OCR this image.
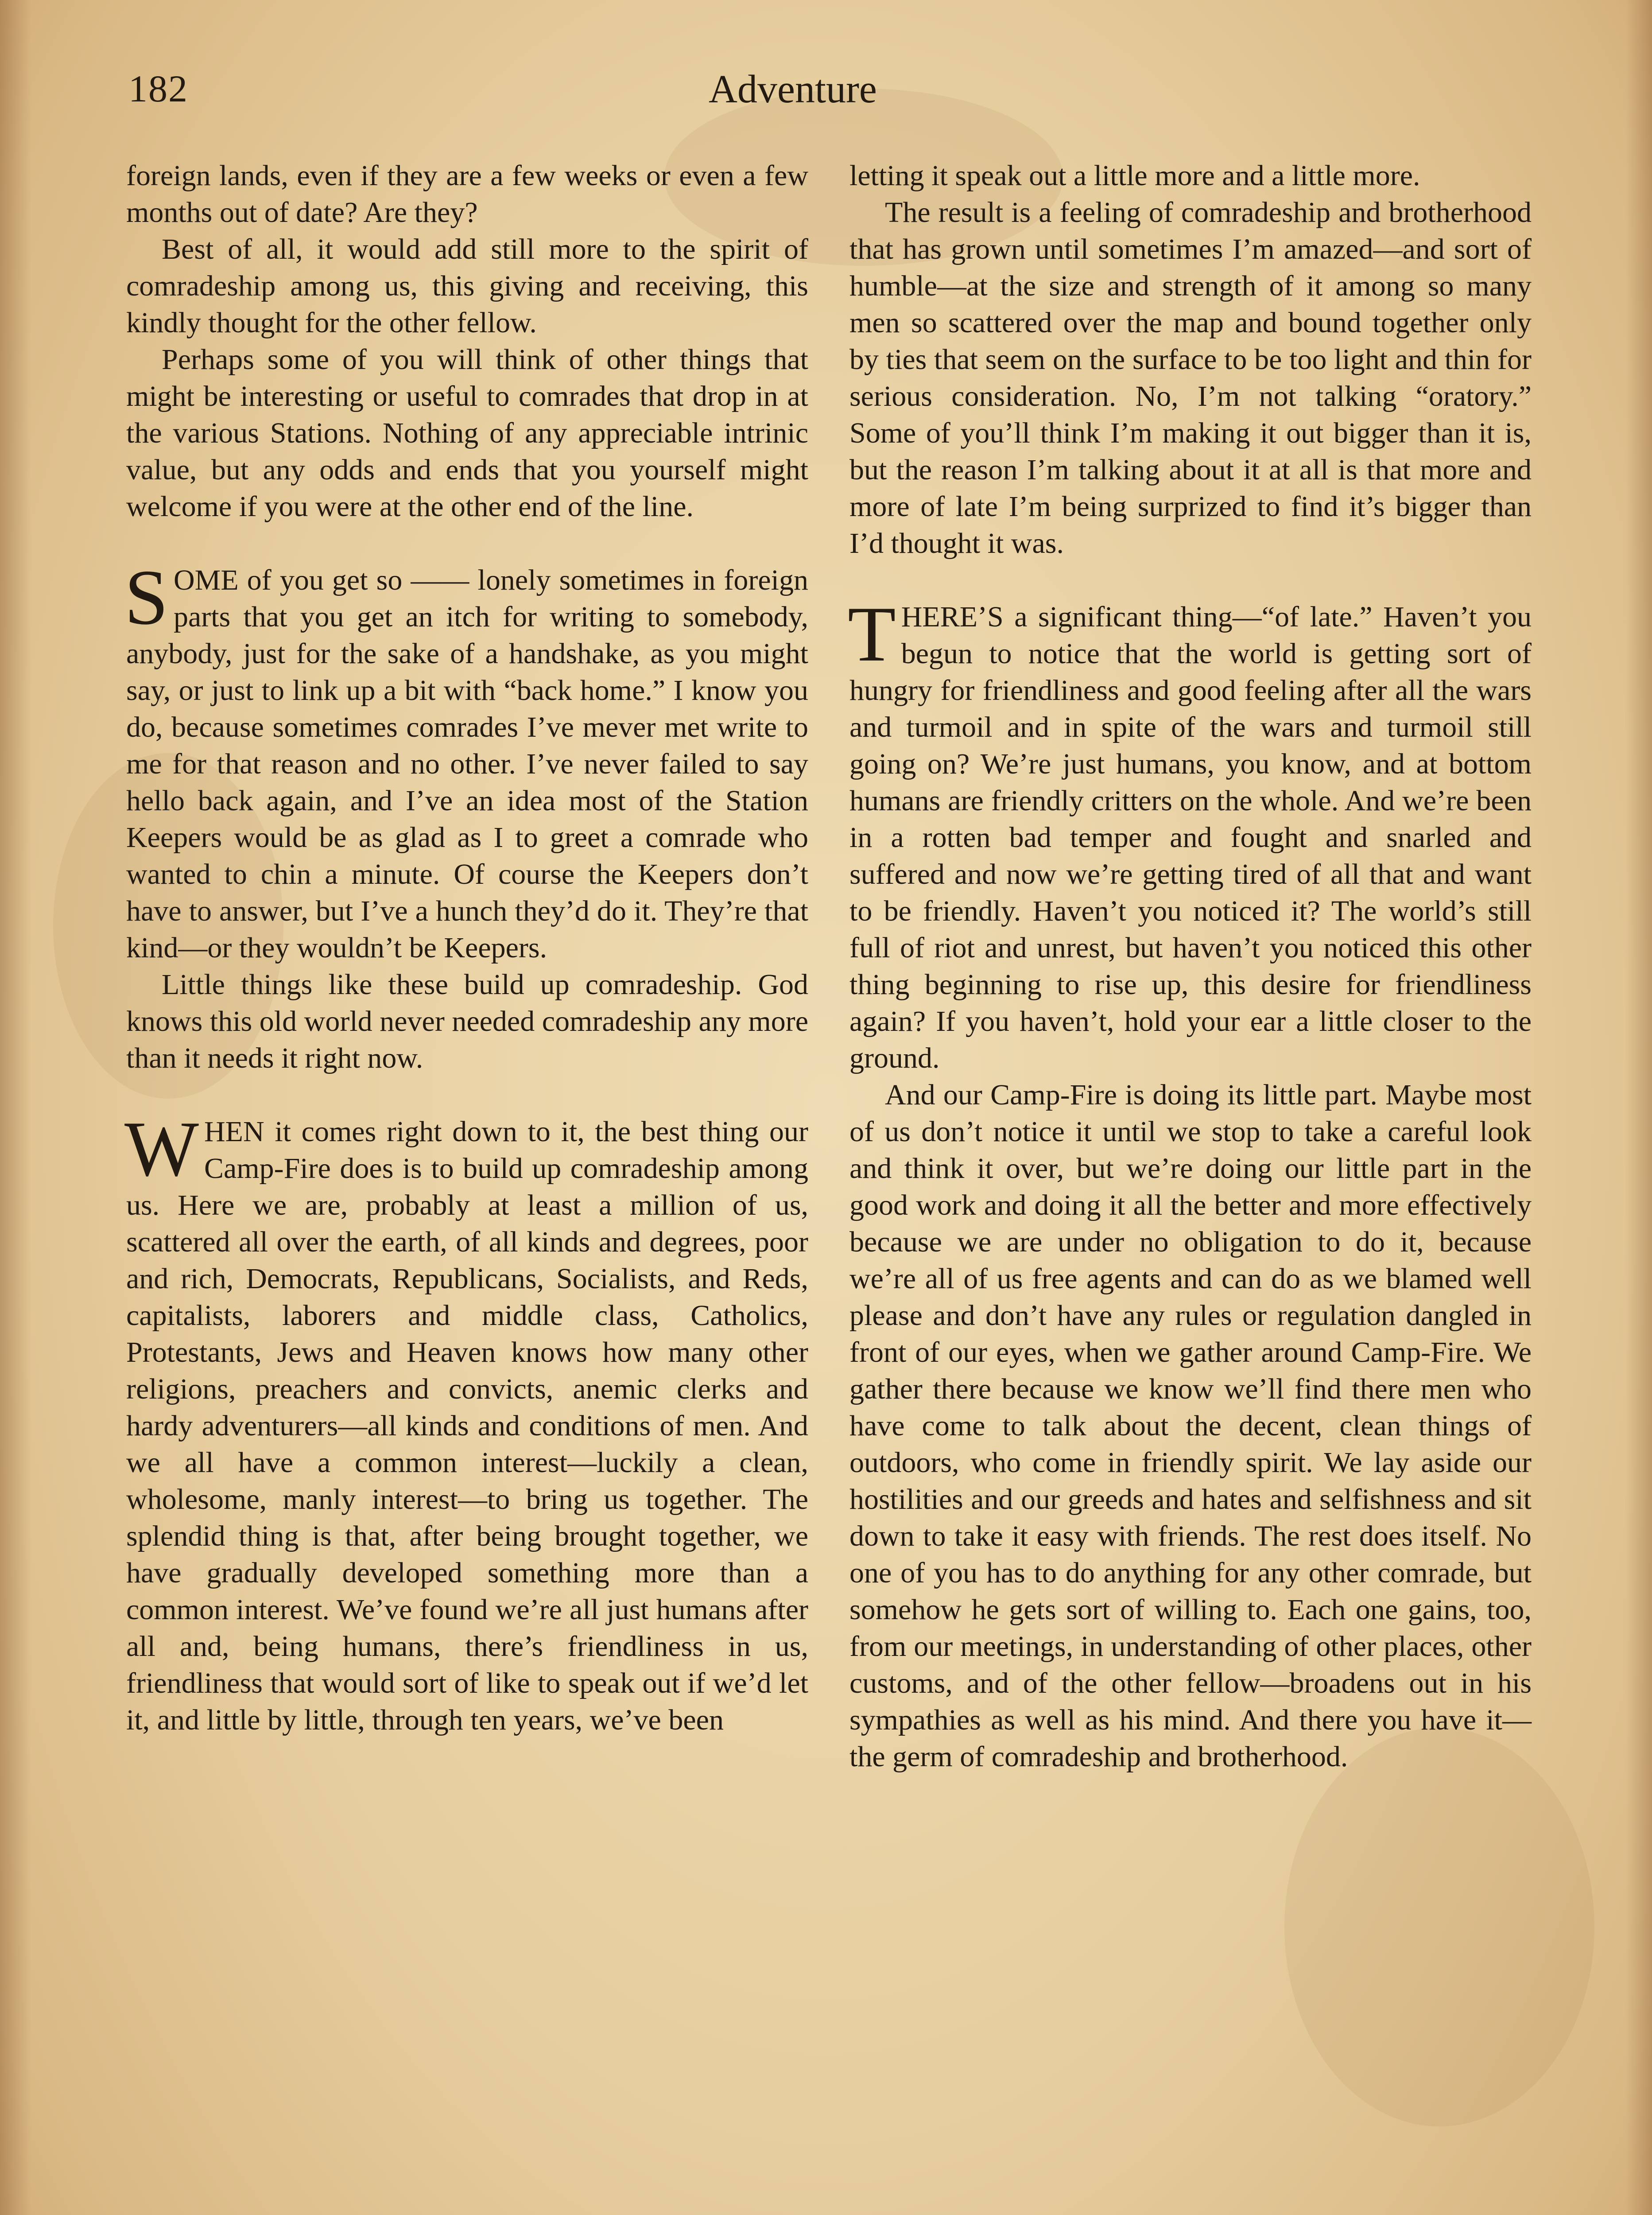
182	Adventure

foreign lands, even if they are a few weeks or even a few months out of date? Are they?

Best of all, it would add still more to the spirit of comradeship among us, this giving and receiving, this kindly thought for the other fellow.

Perhaps some of you will think of other things that might be interesting or useful to comrades that drop in at the various Stations. Nothing of any appreciable intrinic value, but any odds and ends that you yourself might welcome if you were at the other end of the line.

SOME of you get so —— lonely sometimes in foreign parts that you get an itch for writing to somebody, anybody, just for the sake of a handshake, as you might say, or just to link up a bit with “back home.” I know you do, because sometimes comrades I’ve mever met write to me for that reason and no other. I’ve never failed to say hello back again, and I’ve an idea most of the Station Keepers would be as glad as I to greet a comrade who wanted to chin a minute. Of course the Keepers don’t have to answer, but I’ve a hunch they’d do it. They’re that kind—or they wouldn’t be Keepers.

Little things like these build up comradeship. God knows this old world never needed comradeship any more than it needs it right now.

WHEN it comes right down to it, the best thing our Camp-Fire does is to build up comradeship among us. Here we are, probably at least a million of us, scattered all over the earth, of all kinds and degrees, poor and rich, Democrats, Republicans, Socialists, and Reds, capitalists, laborers and middle class, Catholics, Protestants, Jews and Heaven knows how many other religions, preachers and convicts, anemic clerks and hardy adventurers—all kinds and conditions of men. And we all have a common interest—luckily a clean, wholesome, manly interest—to bring us together. The splendid thing is that, after being brought together, we have gradually developed something more than a common interest. We’ve found we’re all just humans after all and, being humans, there’s friendliness in us, friendliness that would sort of like to speak out if we’d let it, and little by little, through ten years, we’ve been

letting it speak out a little more and a little more.

The result is a feeling of comradeship and brotherhood that has grown until sometimes I’m amazed—and sort of humble—at the size and strength of it among so many men so scattered over the map and bound together only by ties that seem on the surface to be too light and thin for serious consideration. No, I’m not talking “oratory.” Some of you’ll think I’m making it out bigger than it is, but the reason I’m talking about it at all is that more and more of late I’m being surprized to find it’s bigger than I’d thought it was.

THERE’S a significant thing—“of late.” Haven’t you begun to notice that the world is getting sort of hungry for friendliness and good feeling after all the wars and turmoil and in spite of the wars and turmoil still going on? We’re just humans, you know, and at bottom humans are friendly critters on the whole. And we’re been in a rotten bad temper and fought and snarled and suffered and now we’re getting tired of all that and want to be friendly. Haven’t you noticed it? The world’s still full of riot and unrest, but haven’t you noticed this other thing beginning to rise up, this desire for friendliness again? If you haven’t, hold your ear a little closer to the ground.

And our Camp-Fire is doing its little part. Maybe most of us don’t notice it until we stop to take a careful look and think it over, but we’re doing our little part in the good work and doing it all the better and more effectively because we are under no obligation to do it, because we’re all of us free agents and can do as we blamed well please and don’t have any rules or regulation dangled in front of our eyes, when we gather around Camp-Fire. We gather there because we know we’ll find there men who have come to talk about the decent, clean things of outdoors, who come in friendly spirit. We lay aside our hostilities and our greeds and hates and selfishness and sit down to take it easy with friends. The rest does itself. No one of you has to do anything for any other comrade, but somehow he gets sort of willing to. Each one gains, too, from our meetings, in understanding of other places, other customs, and of the other fellow—broadens out in his sympathies as well as his mind. And there you have it—the germ of comradeship and brotherhood.
